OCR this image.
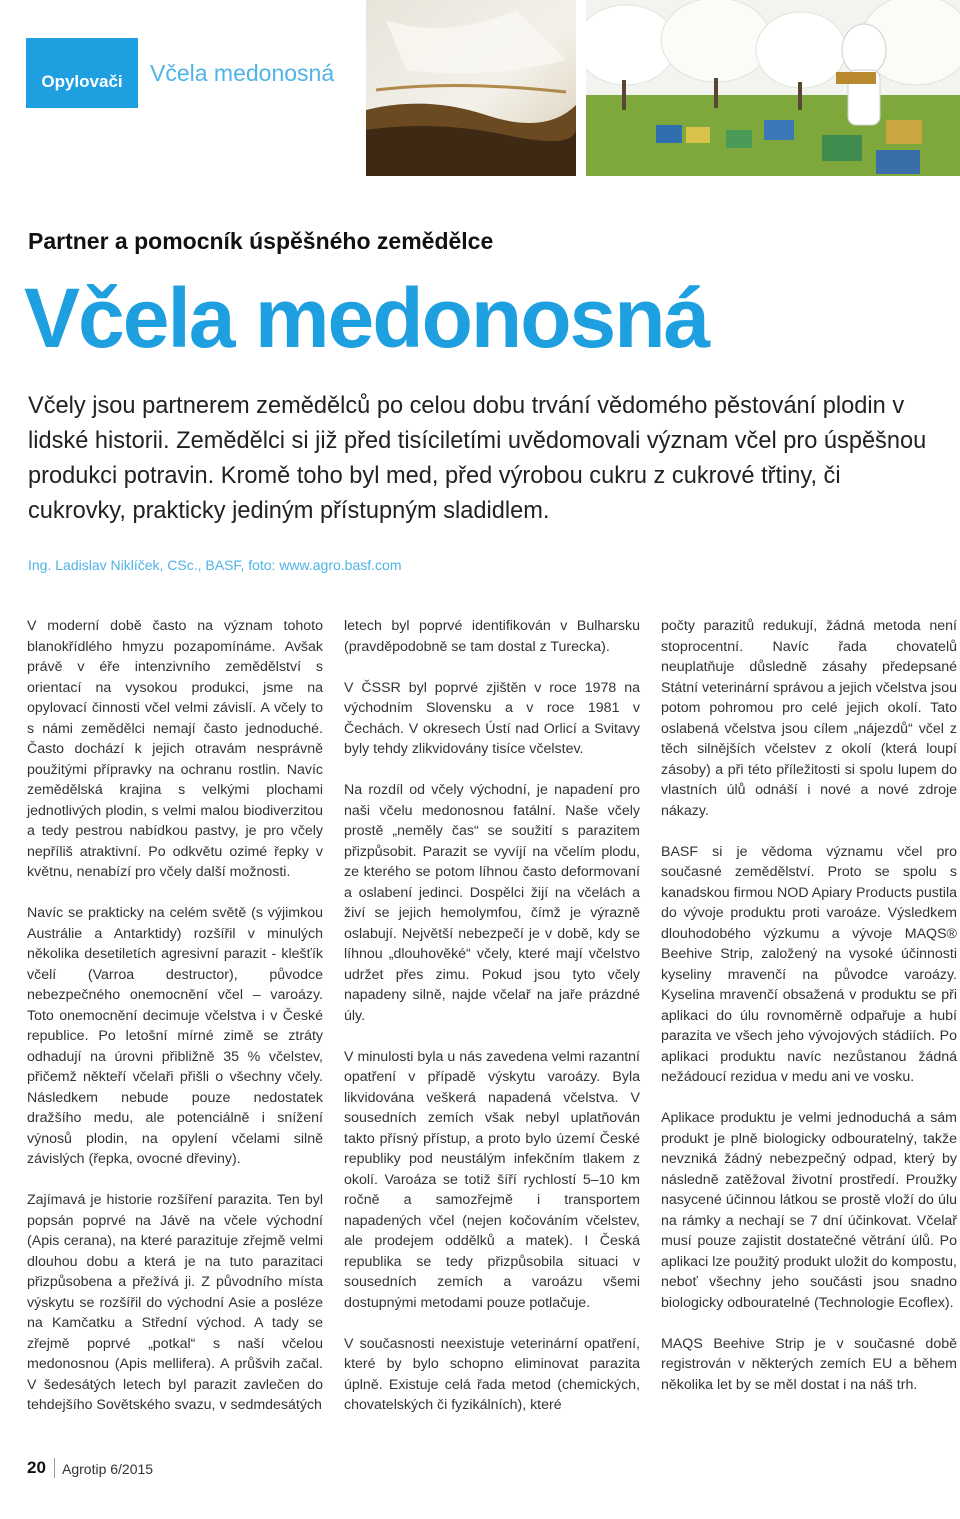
Opylovači	Včela medonosná
Partner a pomocník úspěšného zemědělce
Včela medonosná
Včely jsou partnerem zemědělců po celou dobu trvání vědomého pěstování plodin v lidské historii. Zemědělci si již před tisíciletími uvědomovali význam včel pro úspěšnou produkci potravin. Kromě toho byl med, před výrobou cukru z cukrové třtiny, či cukrovky, prakticky jediným přístupným sladidlem.
Ing. Ladislav Niklíček, CSc., BASF, foto: www.agro.basf.com

V moderní době často na význam tohoto blanokřídlého hmyzu pozapomínáme. Avšak právě v éře intenzivního zemědělství s orientací na vysokou produkci, jsme na opylovací činnosti včel velmi závislí. A včely to s námi zemědělci nemají často jednoduché. Často dochází k jejich otravám nesprávně použitými přípravky na ochranu rostlin. Navíc zemědělská krajina s velkými plochami jednotlivých plodin, s velmi malou biodiverzitou a tedy pestrou nabídkou pastvy, je pro včely nepříliš atraktivní. Po odkvětu ozimé řepky v květnu, nenabízí pro včely další možnosti.

Navíc se prakticky na celém světě (s výjimkou Austrálie a Antarktidy) rozšířil v minulých několika desetiletích agresivní parazit - klešťík včelí (Varroa destructor), původce nebezpečného onemocnění včel – varoázy. Toto onemocnění decimuje včelstva i v České republice. Po letošní mírné zimě se ztráty odhadují na úrovni přibližně 35 % včelstev, přičemž někteří včelaři přišli o všechny včely. Následkem nebude pouze nedostatek dražšího medu, ale potenciálně i snížení výnosů plodin, na opylení včelami silně závislých (řepka, ovocné dřeviny).

Zajímavá je historie rozšíření parazita. Ten byl popsán poprvé na Jávě na včele východní (Apis cerana), na které parazituje zřejmě velmi dlouhou dobu a která je na tuto parazitaci přizpůsobena a přežívá ji. Z původního místa výskytu se rozšířil do východní Asie a posléze na Kamčatku a Střední východ. A tady se zřejmě poprvé „potkal“ s naší včelou medonosnou (Apis mellifera). A průšvih začal. V šedesátých letech byl parazit zavlečen do tehdejšího Sovětského svazu, v sedmdesátých

letech byl poprvé identifikován v Bulharsku (pravděpodobně se tam dostal z Turecka).

V ČSSR byl poprvé zjištěn v roce 1978 na východním Slovensku a v roce 1981 v Čechách. V okresech Ústí nad Orlicí a Svitavy byly tehdy zlikvidovány tisíce včelstev.

Na rozdíl od včely východní, je napadení pro naši včelu medonosnou fatální. Naše včely prostě „neměly čas“ se soužití s parazitem přizpůsobit. Parazit se vyvíjí na včelím plodu, ze kterého se potom líhnou často deformovaní a oslabení jedinci. Dospělci žijí na včelách a živí se jejich hemolymfou, čímž je výrazně oslabují. Největší nebezpečí je v době, kdy se líhnou „dlouhověké“ včely, které mají včelstvo udržet přes zimu. Pokud jsou tyto včely napadeny silně, najde včelař na jaře prázdné úly.

V minulosti byla u nás zavedena velmi razantní opatření v případě výskytu varoázy. Byla likvidována veškerá napadená včelstva. V sousedních zemích však nebyl uplatňován takto přísný přístup, a proto bylo území České republiky pod neustálým infekčním tlakem z okolí. Varoáza se totiž šíří rychlostí 5–10 km ročně a samozřejmě i transportem napadených včel (nejen kočováním včelstev, ale prodejem oddělků a matek). I Česká republika se tedy přizpůsobila situaci v sousedních zemích a varoázu všemi dostupnými metodami pouze potlačuje.

V současnosti neexistuje veterinární opatření, které by bylo schopno eliminovat parazita úplně. Existuje celá řada metod (chemických, chovatelských či fyzikálních), které

počty parazitů redukují, žádná metoda není stoprocentní. Navíc řada chovatelů neuplatňuje důsledně zásahy předepsané Státní veterinární správou a jejich včelstva jsou potom pohromou pro celé jejich okolí. Tato oslabená včelstva jsou cílem „nájezdů“ včel z těch silnějších včelstev z okolí (která loupí zásoby) a při této příležitosti si spolu lupem do vlastních úlů odnáší i nové a nové zdroje nákazy.

BASF si je vědoma významu včel pro současné zemědělství. Proto se spolu s kanadskou firmou NOD Apiary Products pustila do vývoje produktu proti varoáze. Výsledkem dlouhodobého výzkumu a vývoje MAQS® Beehive Strip, založený na vysoké účinnosti kyseliny mravenčí na původce varoázy. Kyselina mravenčí obsažená v produktu se při aplikaci do úlu rovnoměrně odpařuje a hubí parazita ve všech jeho vývojových stádiích. Po aplikaci produktu navíc nezůstanou žádná nežádoucí rezidua v medu ani ve vosku.

Aplikace produktu je velmi jednoduchá a sám produkt je plně biologicky odbouratelný, takže nevzniká žádný nebezpečný odpad, který by následně zatěžoval životní prostředí. Proužky nasycené účinnou látkou se prostě vloží do úlu na rámky a nechají se 7 dní účinkovat. Včelař musí pouze zajistit dostatečné větrání úlů. Po aplikaci lze použitý produkt uložit do kompostu, neboť všechny jeho součásti jsou snadno biologicky odbouratelné (Technologie Ecoflex).

MAQS Beehive Strip je v současné době registrován v některých zemích EU a během několika let by se měl dostat i na náš trh.

20	Agrotip 6/2015
